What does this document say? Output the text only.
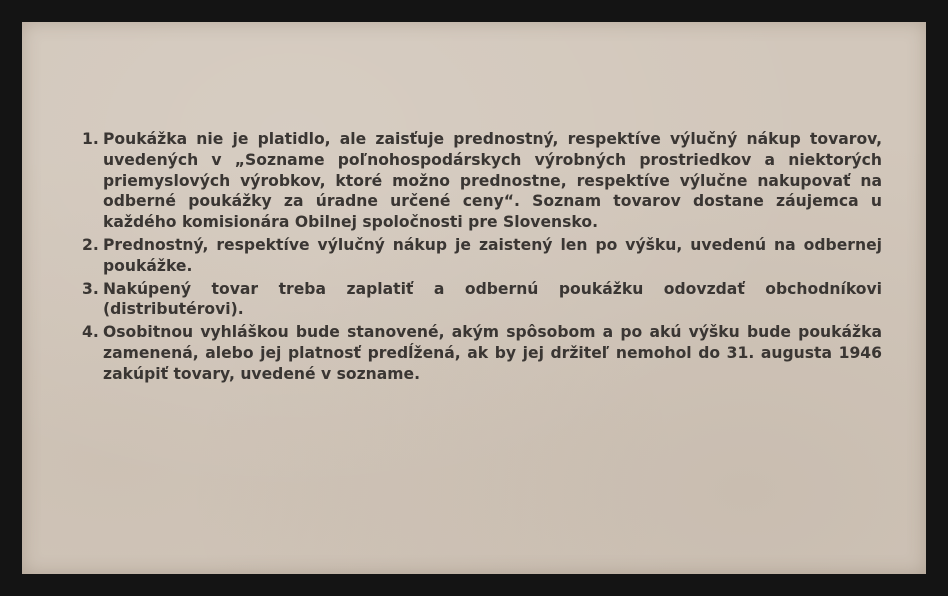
1. Poukážka nie je platidlo, ale zaisťuje prednostný, respektíve výlučný nákup tovarov, uvedených v „Sozname poľnohospodárskych výrobných prostriedkov a niektorých priemyslových výrobkov, ktoré možno prednostne, respektíve výlučne nakupovať na odberné poukážky za úradne určené ceny“. Soznam tovarov dostane záujemca u každého komisionára Obilnej spoločnosti pre Slovensko.
2. Prednostný, respektíve výlučný nákup je zaistený len po výšku, uvedenú na odbernej poukážke.
3. Nakúpený tovar treba zaplatiť a odbernú poukážku odovzdať obchodníkovi (distributérovi).
4. Osobitnou vyhláškou bude stanovené, akým spôsobom a po akú výšku bude poukážka zamenená, alebo jej platnosť predĺžená, ak by jej držiteľ nemohol do 31. augusta 1946 zakúpiť tovary, uvedené v sozname.
